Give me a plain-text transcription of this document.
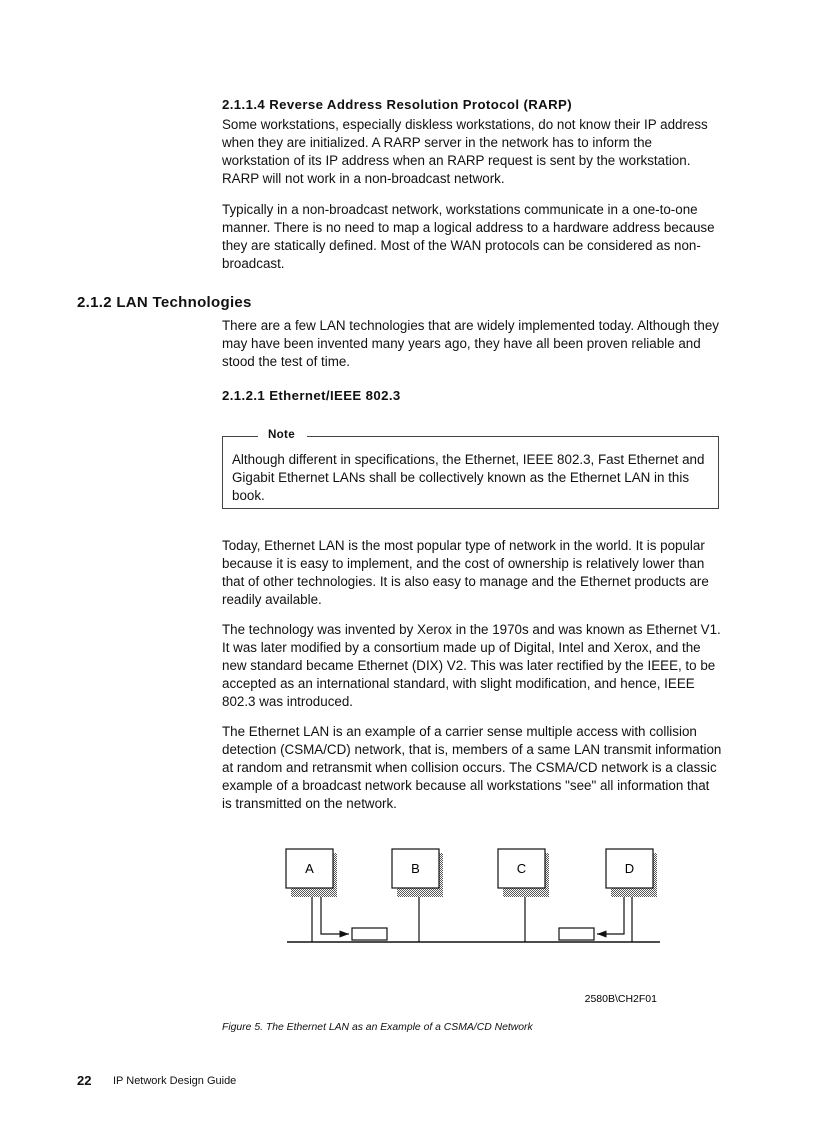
2.1.1.4 Reverse Address Resolution Protocol (RARP)

Some workstations, especially diskless workstations, do not know their IP address when they are initialized. A RARP server in the network has to inform the workstation of its IP address when an RARP request is sent by the workstation. RARP will not work in a non-broadcast network.

Typically in a non-broadcast network, workstations communicate in a one-to-one manner. There is no need to map a logical address to a hardware address because they are statically defined. Most of the WAN protocols can be considered as non-broadcast.

2.1.2 LAN Technologies

There are a few LAN technologies that are widely implemented today. Although they may have been invented many years ago, they have all been proven reliable and stood the test of time.

2.1.2.1 Ethernet/IEEE 802.3
Note
Although different in specifications, the Ethernet, IEEE 802.3, Fast Ethernet and Gigabit Ethernet LANs shall be collectively known as the Ethernet LAN in this book.

Today, Ethernet LAN is the most popular type of network in the world. It is popular because it is easy to implement, and the cost of ownership is relatively lower than that of other technologies. It is also easy to manage and the Ethernet products are readily available.

The technology was invented by Xerox in the 1970s and was known as Ethernet V1. It was later modified by a consortium made up of Digital, Intel and Xerox, and the new standard became Ethernet (DIX) V2. This was later rectified by the IEEE, to be accepted as an international standard, with slight modification, and hence, IEEE 802.3 was introduced.

The Ethernet LAN is an example of a carrier sense multiple access with collision detection (CSMA/CD) network, that is, members of a same LAN transmit information at random and retransmit when collision occurs. The CSMA/CD network is a classic example of a broadcast network because all workstations "see" all information that is transmitted on the network.

A	B	C	D
2580B\CH2F01
Figure 5. The Ethernet LAN as an Example of a CSMA/CD Network
22 IP Network Design Guide
